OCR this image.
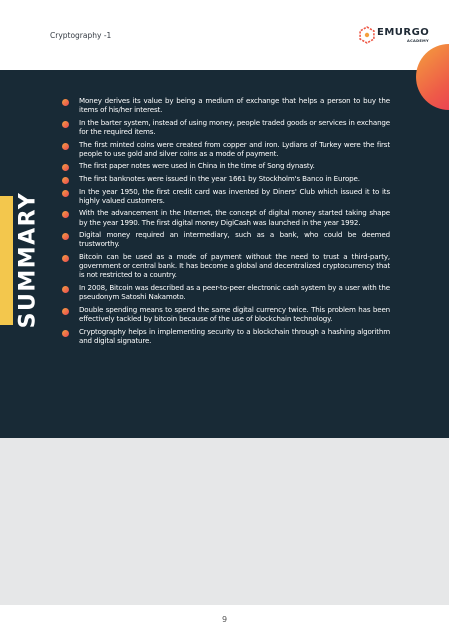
Cryptography -1	EMURGO
ACADEMY
SUMMARY
Money derives its value by being a medium of exchange that helps a person to buy the items of his/her interest.
In the barter system, instead of using money, people traded goods or services in exchange for the required items.
The first minted coins were created from copper and iron. Lydians of Turkey were the first people to use gold and silver coins as a mode of payment.
The first paper notes were used in China in the time of Song dynasty.
The first banknotes were issued in the year 1661 by Stockholm's Banco in Europe.
In the year 1950, the first credit card was invented by Diners' Club which issued it to its highly valued customers.
With the advancement in the Internet, the concept of digital money started taking shape by the year 1990. The first digital money DigiCash was launched in the year 1992.
Digital money required an intermediary, such as a bank, who could be deemed trustworthy.
Bitcoin can be used as a mode of payment without the need to trust a third-party, government or central bank. It has become a global and decentralized cryptocurrency that is not restricted to a country.
In 2008, Bitcoin was described as a peer-to-peer electronic cash system by a user with the pseudonym Satoshi Nakamoto.
Double spending means to spend the same digital currency twice. This problem has been effectively tackled by bitcoin because of the use of blockchain technology.
Cryptography helps in implementing security to a blockchain through a hashing algorithm and digital signature.
9
